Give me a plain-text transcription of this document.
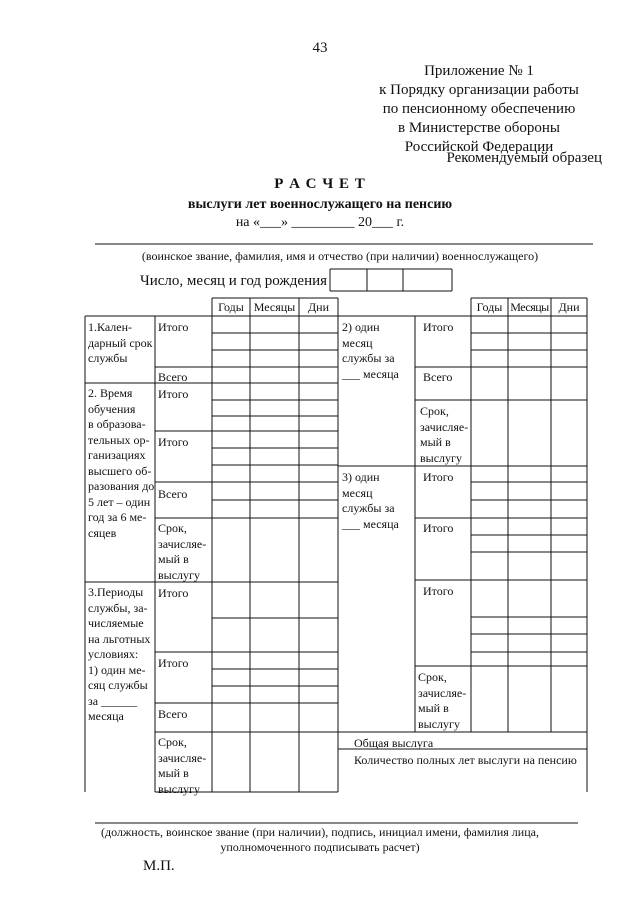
43
Приложение № 1
к Порядку организации работы
по пенсионному обеспечению
в Министерстве обороны
Российской Федерации
Рекомендуемый образец
Р А С Ч Е Т
выслуги лет военнослужащего на пенсию
на «___» _________ 20___ г.
(воинское звание, фамилия, имя и отчество (при наличии) военнослужащего)
Число, месяц и год рождения
Годы Месяцы	Дни	Годы Месяцы Дни
1.Кален-
дарный срок
службы
2. Время
обучения
в образова-
тельных ор-
ганизациях
высшего об-
разования до
5 лет – один
год за 6 ме-
сяцев
3.Периоды
службы, за-
числяемые
на льготных
условиях:
1) один ме-
сяц службы
за ______
месяца
Итого
Всего
Итого
Итого
Всего
Срок,
зачисляе-
мый в
выслугу
Итого
Итого
Всего
Срок,
зачисляе-
мый в
выслугу
2) один
месяц
службы за
___ месяца
3) один
месяц
службы за
___ месяца
Итого
Всего
Срок,
зачисляе-
мый в
выслугу
Итого
Итого
Итого
Срок,
зачисляе-
мый в
выслугу
Общая выслуга
Количество полных лет выслуги на пенсию
(должность, воинское звание (при наличии), подпись, инициал имени, фамилия лица,
уполномоченного подписывать расчет)
М.П.
